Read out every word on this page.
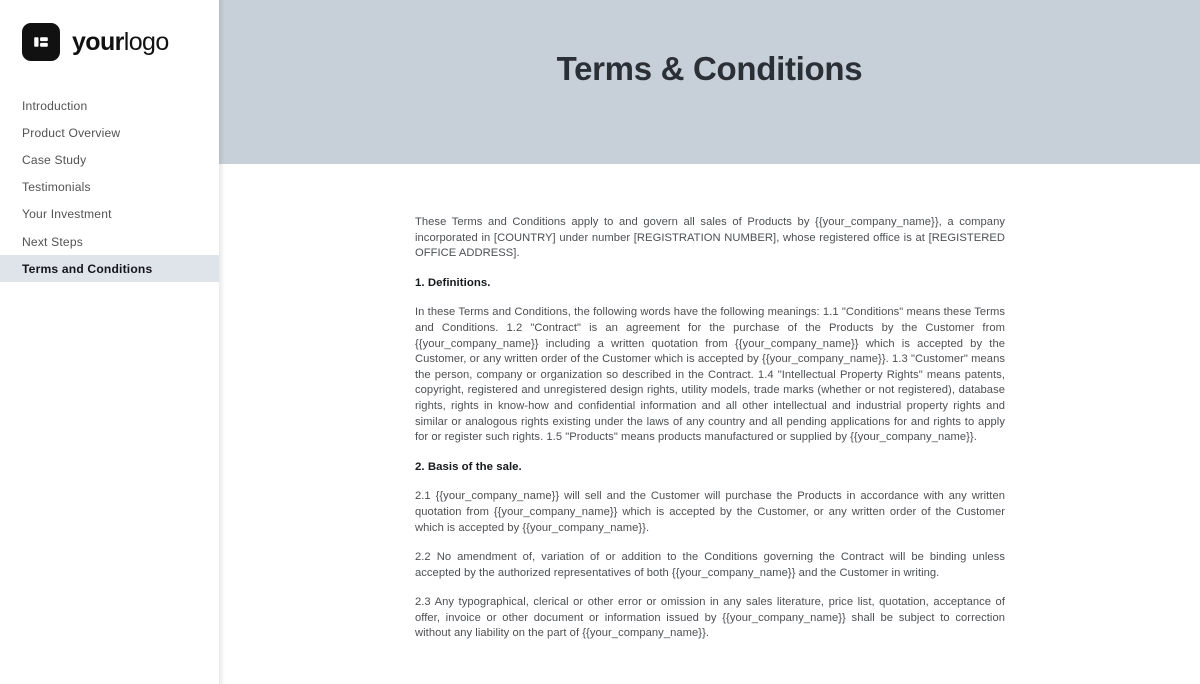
yourlogo
Introduction
Product Overview
Case Study
Testimonials
Your Investment
Next Steps
Terms and Conditions
Terms & Conditions

These Terms and Conditions apply to and govern all sales of Products by {{your_company_name}}, a company incorporated in [COUNTRY] under number [REGISTRATION NUMBER], whose registered office is at [REGISTERED OFFICE ADDRESS].

1. Definitions.

In these Terms and Conditions, the following words have the following meanings: 1.1 "Conditions" means these Terms and Conditions. 1.2 "Contract" is an agreement for the purchase of the Products by the Customer from {{your_company_name}} including a written quotation from {{your_company_name}} which is accepted by the Customer, or any written order of the Customer which is accepted by {{your_company_name}}. 1.3 "Customer" means the person, company or organization so described in the Contract. 1.4 "Intellectual Property Rights" means patents, copyright, registered and unregistered design rights, utility models, trade marks (whether or not registered), database rights, rights in know-how and confidential information and all other intellectual and industrial property rights and similar or analogous rights existing under the laws of any country and all pending applications for and rights to apply for or register such rights. 1.5 "Products" means products manufactured or supplied by {{your_company_name}}.

2. Basis of the sale.

2.1 {{your_company_name}} will sell and the Customer will purchase the Products in accordance with any written quotation from {{your_company_name}} which is accepted by the Customer, or any written order of the Customer which is accepted by {{your_company_name}}.

2.2 No amendment of, variation of or addition to the Conditions governing the Contract will be binding unless accepted by the authorized representatives of both {{your_company_name}} and the Customer in writing.

2.3 Any typographical, clerical or other error or omission in any sales literature, price list, quotation, acceptance of offer, invoice or other document or information issued by {{your_company_name}} shall be subject to correction without any liability on the part of {{your_company_name}}.
